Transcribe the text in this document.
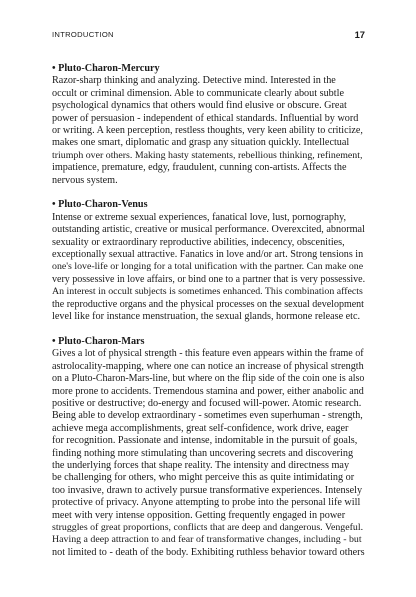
INTRODUCTION	17

• Pluto-Charon-Mercury

Razor-sharp thinking and analyzing. Detective mind. Interested in the
occult or criminal dimension. Able to communicate clearly about subtle
psychological dynamics that others would find elusive or obscure. Great
power of persuasion - independent of ethical standards. Influential by word
or writing. A keen perception, restless thoughts, very keen ability to criticize,
makes one smart, diplomatic and grasp any situation quickly. Intellectual
triumph over others. Making hasty statements, rebellious thinking, refinement,
impatience, premature, edgy, fraudulent, cunning con-artists. Affects the
nervous system.

• Pluto-Charon-Venus

Intense or extreme sexual experiences, fanatical love, lust, pornography,
outstanding artistic, creative or musical performance. Overexcited, abnormal
sexuality or extraordinary reproductive abilities, indecency, obscenities,
exceptionally sexual attractive. Fanatics in love and/or art. Strong tensions in
one's love-life or longing for a total unification with the partner. Can make one
very possessive in love affairs, or bind one to a partner that is very possessive.
An interest in occult subjects is sometimes enhanced. This combination affects
the reproductive organs and the physical processes on the sexual development
level like for instance menstruation, the sexual glands, hormone release etc.

• Pluto-Charon-Mars

Gives a lot of physical strength - this feature even appears within the frame of
astrolocality-mapping, where one can notice an increase of physical strength
on a Pluto-Charon-Mars-line, but where on the flip side of the coin one is also
more prone to accidents. Tremendous stamina and power, either anabolic and
positive or destructive; do-energy and focused will-power. Atomic research.
Being able to develop extraordinary - sometimes even superhuman - strength,
achieve mega accomplishments, great self-confidence, work drive, eager
for recognition. Passionate and intense, indomitable in the pursuit of goals,
finding nothing more stimulating than uncovering secrets and discovering
the underlying forces that shape reality. The intensity and directness may
be challenging for others, who might perceive this as quite intimidating or
too invasive, drawn to actively pursue transformative experiences. Intensely
protective of privacy. Anyone attempting to probe into the personal life will
meet with very intense opposition. Getting frequently engaged in power
struggles of great proportions, conflicts that are deep and dangerous. Vengeful.
Having a deep attraction to and fear of transformative changes, including - but
not limited to - death of the body. Exhibiting ruthless behavior toward others
